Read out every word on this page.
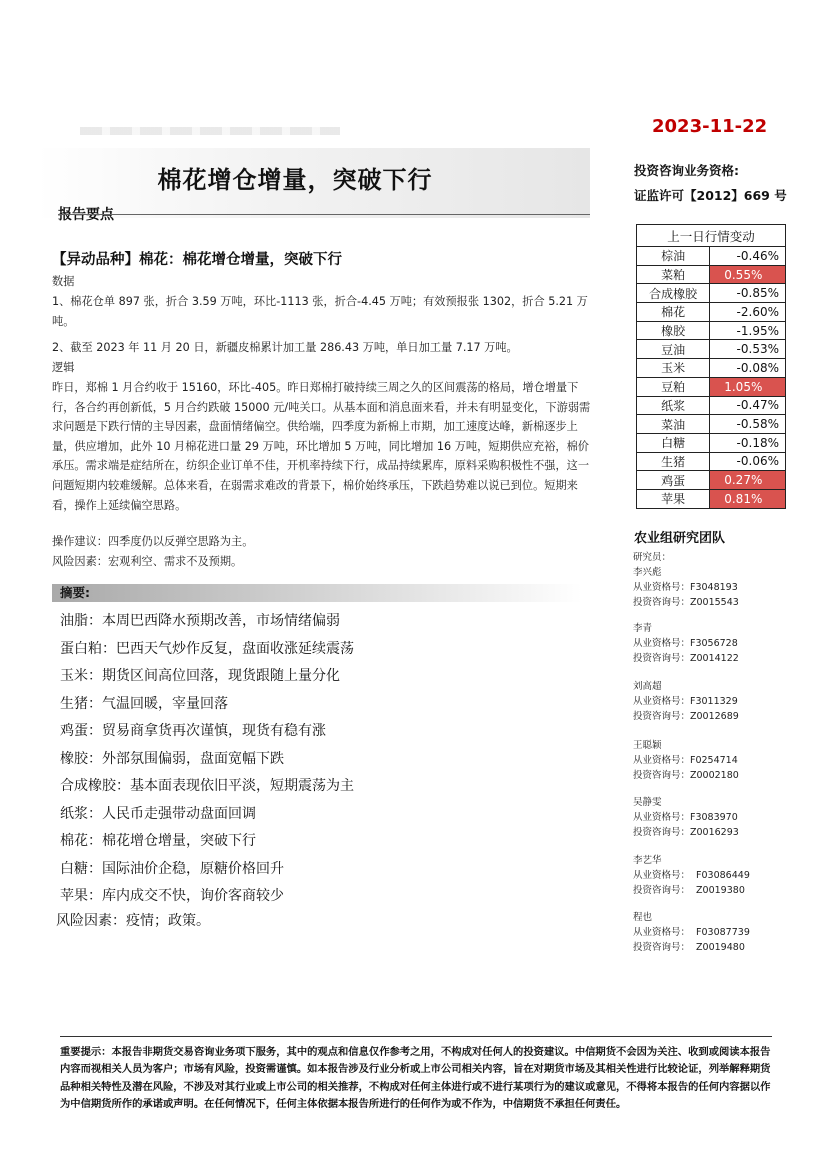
2023-11-22
投资咨询业务资格:
证监许可【2012】669 号
棉花增仓增量，突破下行
报告要点
【异动品种】棉花：棉花增仓增量，突破下行
数据
1、棉花仓单 897 张，折合 3.59 万吨，环比-1113 张，折合-4.45 万吨；有效预报张 1302，折合 5.21 万吨。
2、截至 2023 年 11 月 20 日，新疆皮棉累计加工量 286.43 万吨，单日加工量 7.17 万吨。
逻辑
昨日，郑棉 1 月合约收于 15160，环比-405。昨日郑棉打破持续三周之久的区间震荡的格局，增仓增量下行，各合约再创新低，5 月合约跌破 15000 元/吨关口。从基本面和消息面来看，并未有明显变化，下游弱需求问题是下跌行情的主导因素，盘面情绪偏空。供给端，四季度为新棉上市期，加工速度达峰，新棉逐步上量，供应增加，此外 10 月棉花进口量 29 万吨，环比增加 5 万吨，同比增加 16 万吨，短期供应充裕，棉价承压。需求端是症结所在，纺织企业订单不佳，开机率持续下行，成品持续累库，原料采购积极性不强，这一问题短期内较难缓解。总体来看，在弱需求难改的背景下，棉价始终承压，下跌趋势难以说已到位。短期来看，操作上延续偏空思路。
操作建议：四季度仍以反弹空思路为主。
风险因素：宏观利空、需求不及预期。
摘要:
油脂：本周巴西降水预期改善，市场情绪偏弱
蛋白粕：巴西天气炒作反复，盘面收涨延续震荡
玉米：期货区间高位回落，现货跟随上量分化
生猪：气温回暖，宰量回落
鸡蛋：贸易商拿货再次谨慎，现货有稳有涨
橡胶：外部氛围偏弱，盘面宽幅下跌
合成橡胶：基本面表现依旧平淡，短期震荡为主
纸浆：人民币走强带动盘面回调
棉花：棉花增仓增量，突破下行
白糖：国际油价企稳，原糖价格回升
苹果：库内成交不快，询价客商较少
风险因素：疫情；政策。
上一日行情变动	
棕油	-0.46%
菜粕	0.55%
合成橡胶	-0.85%
棉花	-2.60%
橡胶	-1.95%
豆油	-0.53%
玉米	-0.08%
豆粕	1.05%
纸浆	-0.47%
菜油	-0.58%
白糖	-0.18%
生猪	-0.06%
鸡蛋	0.27%
苹果	0.81%
农业组研究团队
研究员：
李兴彪
从业资格号：F3048193
投资咨询号：Z0015543
李青
从业资格号：F3056728
投资咨询号：Z0014122
刘高超
从业资格号：F3011329
投资咨询号：Z0012689
王聪颖
从业资格号：F0254714
投资咨询号：Z0002180
吴静雯
从业资格号：F3083970
投资咨询号：Z0016293
李艺华
从业资格号：  F03086449
投资咨询号：  Z0019380
程也
从业资格号：  F03087739
投资咨询号：  Z0019480
重要提示：本报告非期货交易咨询业务项下服务，其中的观点和信息仅作参考之用，不构成对任何人的投资建议。中信期货不会因为关注、收到或阅读本报告内容而视相关人员为客户；市场有风险，投资需谨慎。如本报告涉及行业分析或上市公司相关内容，旨在对期货市场及其相关性进行比较论证，列举解释期货品种相关特性及潜在风险，不涉及对其行业或上市公司的相关推荐，不构成对任何主体进行或不进行某项行为的建议或意见，不得将本报告的任何内容据以作为中信期货所作的承诺或声明。在任何情况下，任何主体依据本报告所进行的任何作为或不作为，中信期货不承担任何责任。
